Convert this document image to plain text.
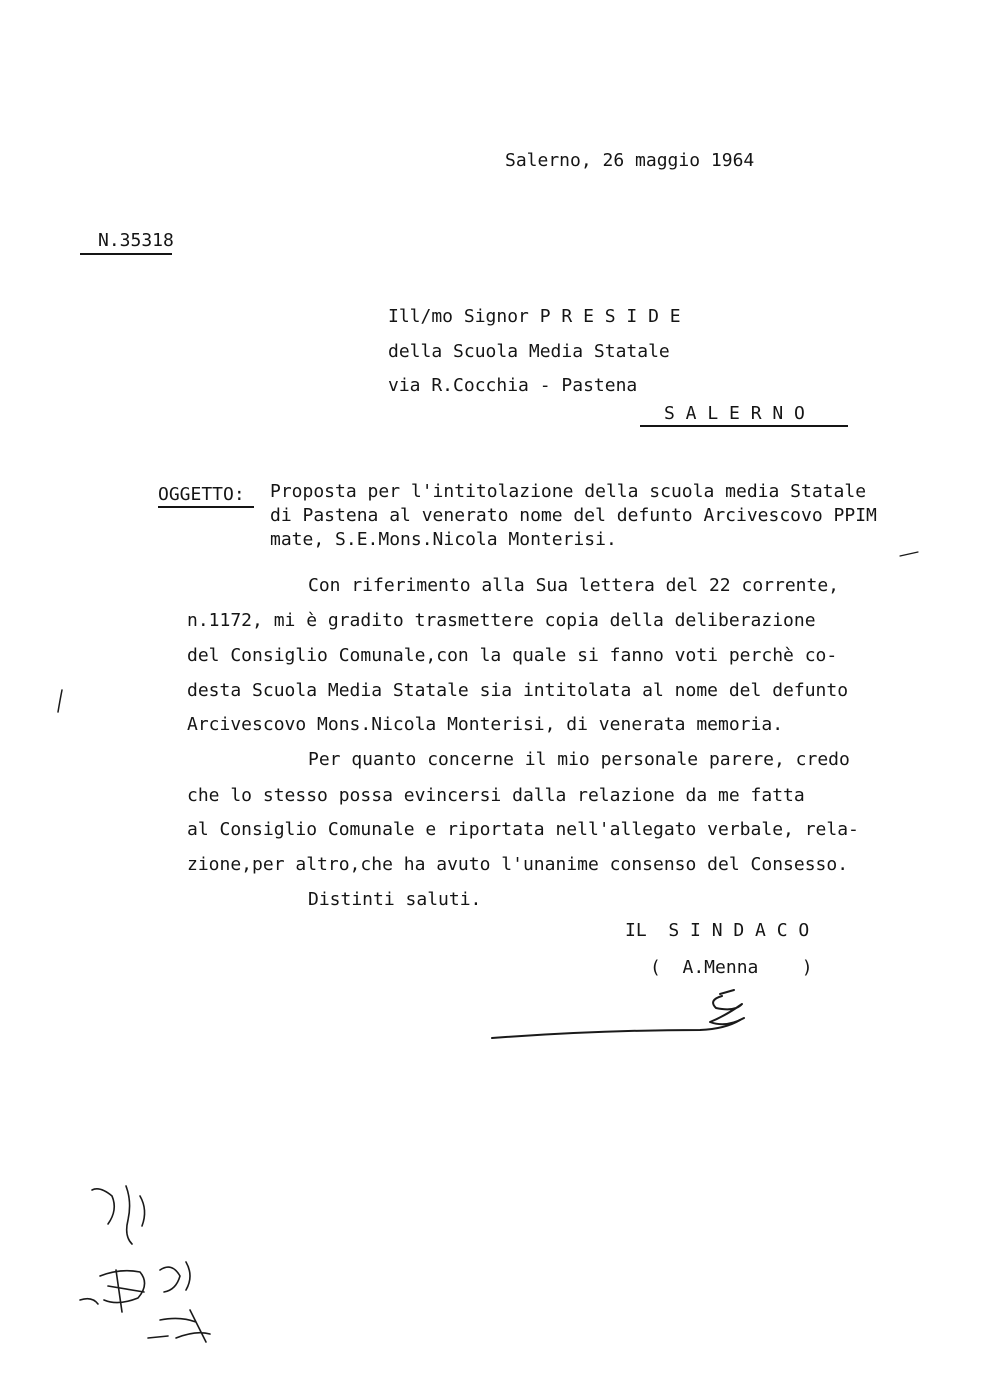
Salerno, 26 maggio 1964
N.35318
Ill/mo Signor P R E S I D E
della Scuola Media Statale
via R.Cocchia - Pastena
S A L E R N O
OGGETTO: Proposta per l'intitolazione della scuola media Statale
di Pastena al venerato nome del defunto Arcivescovo PPIM
mate, S.E.Mons.Nicola Monterisi.
Con riferimento alla Sua lettera del 22 corrente,
n.1172, mi è gradito trasmettere copia della deliberazione
del Consiglio Comunale,con la quale si fanno voti perchè co-
desta Scuola Media Statale sia intitolata al nome del defunto
Arcivescovo Mons.Nicola Monterisi, di venerata memoria.
Per quanto concerne il mio personale parere, credo
che lo stesso possa evincersi dalla relazione da me fatta
al Consiglio Comunale e riportata nell'allegato verbale, rela-
zione,per altro,che ha avuto l'unanime consenso del Consesso.
Distinti saluti.
IL  S I N D A C O
(  A.Menna    )
